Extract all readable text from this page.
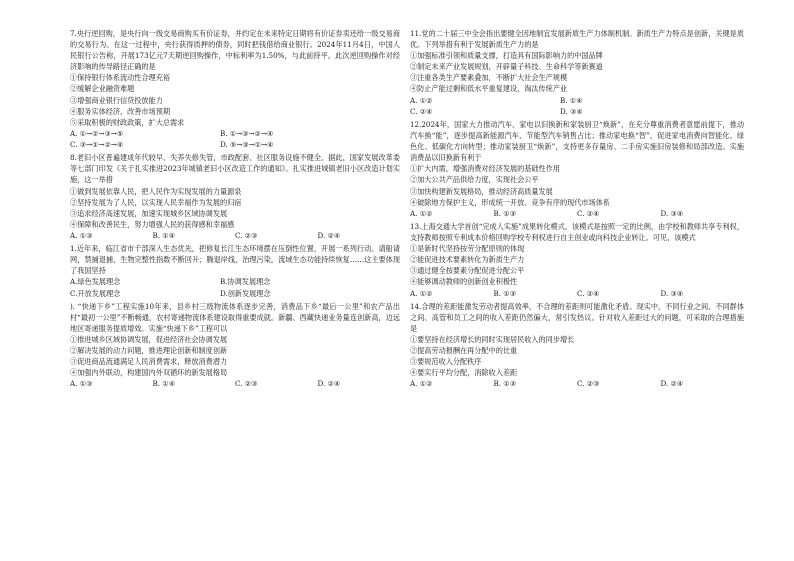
7.央行逆回购，是央行向一级交易商购买有价证券，并约定在未来特定日期将有价证券卖还给一级交易商的交易行为。在这一过程中，央行获得质押的债券，同时把钱借给商业银行。2024年11月4日，中国人民银行公告称，开展173亿元7天期逆回购操作，中标利率为1.50%，与此前持平。此次逆回购操作对经济影响的传导路径正确的是

①保持银行体系流动性合理充裕
②缓解企业融资难题
③增强商业银行信贷投放能力
④服务实体经济，改善市场预期
⑤采取积极的财政政策，扩大总需求
A. ①→②→③→⑤	B. ①→③→②→④
C. ③→①→②→④	D. ⑤→③→①→④

8.老旧小区普遍建成年代较早、失养失修失管，市政配套、社区服务设施不健全。据此，国家发展改革委等七部门印发《关于扎实推进2023年城镇老旧小区改造工作的通知》。扎实推进城镇老旧小区改造计划实施，这一举措

①做到发展依靠人民，把人民作为实现发展的力量源泉
②坚持发展为了人民，以实现人民幸福作为发展的归宿
③追求经济高速发展，加速实现城乡区域协调发展
④保障和改善民生，努力增强人民的获得感和幸福感
A. ①③	B. ①④	C. ②③	D. ②④

1.近年来，临江省市千部深入生态优先，把修复长江生态环境摆在压倒性位置，开展一系列行动。请船请网，禁捕退捕，生物完整性指数不断回升；腾退岸线，治理污染，流域生态功能持续恢复……这主要体现了我国坚持

A.绿色发展理念	B.协调发展理念
C.开放发展理念	D.创新发展理念

). “快递下乡”工程实施10年来，县乡村三级物流体系逐步完善，消费品下乡“最后一公里”和农产品出村“最初一公里”不断畅通，农村寄递物流体系建设取得重要成就。新疆、西藏快递业务量连创新高，边远地区寄递服务提质增效。实施“快递下乡”工程可以

①推进城乡区域协调发展，促进经济社会协调发展
②解决发展的动力问题，推进理论创新和制度创新
③促进商品流通满足人民消费需求，释放消费潜力
④加强内外联动，构建国内外双循环的新发展格局
A. ①③	B. ①④	C. ②③	D. ②④

11.党的二十届三中全会指出要健全因地制宜发展新质生产力体制机制。新质生产力特点是创新，关键是质优。下列举措有利于发展新质生产力的是

①加强标准引领和质量支撑，打造具有国际影响力的中国品牌
②制定未来产业发展规划，开辟量子科技、生命科学等新赛道
③注重各类生产要素叠加，不断扩大社会生产规模
④防止产能过剩和低水平重复建设，淘汰传统产业
A. ①②	B. ①④
C. ②④	D. ③④

12.2024年，国家大力推动汽车、家电以旧换新和家装厨卫“焕新”，在充分尊重消费者意愿前提下，推动汽车换“能”，逐步提高新能源汽车、节能型汽车销售占比；推动家电换“智”，促进家电消费向智能化、绿色化、低碳化方向转型；推动家装厨卫“焕新”，支持更多存量房、二手房实施旧房装修和局部改造。实施消费品以旧换新有利于

①扩大内需，增强消费对经济发展的基础性作用
②加大公共产品供给力度，实现社会公平
③加快构建新发展格局，推动经济高质量发展
④破除地方保护主义，形成统一开放、竞争有序的现代市场体系
A. ①②	B. ①③	C. ②④	D. ③④

13.上海交通大学首创“完成人实施”成果转化模式，该模式是按照一定的比例，由学校和教师共享专利权，支持教师按照专利成本价格回购学校专利权进行自主创业或向科技企业转让。可见，该模式

①是新时代坚持按劳分配原则的体现
②能促进技术要素转化为新质生产力
③通过健全按要素分配促进分配公平
④能够调动教师的创新创业积极性
A. ①②	B. ①③	C. ②④	D. ③④

14.合理的差距能激发劳动者提高效率，不合理的差距则可能激化矛盾。现实中，不同行业之间、不同群体之间、高管和员工之间的收入差距仍然偏大，常引发热议。针对收入差距过大的问题，可采取的合理措施是

①要坚持在经济增长的同时实现居民收入的同步增长
②提高劳动报酬在再分配中的比重
③要规范收入分配秩序
④要实行平均分配，消除收入差距
A. ①②	B. ①③	C. ②③	D. ②④
